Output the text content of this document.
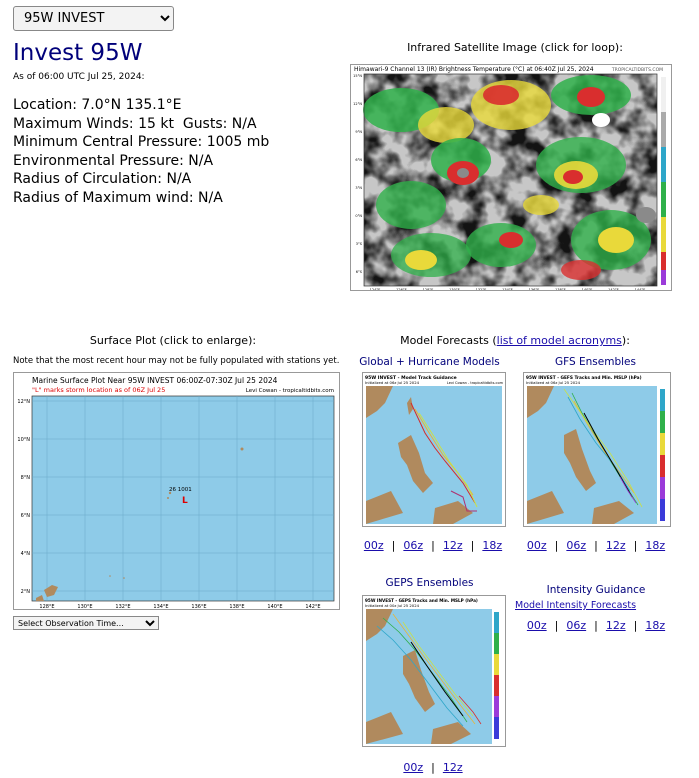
95W INVEST
Invest 95W
As of 06:00 UTC Jul 25, 2024:
Location: 7.0°N 135.1°E
Maximum Winds: 15 kt  Gusts: N/A
Minimum Central Pressure: 1005 mb
Environmental Pressure: N/A
Radius of Circulation: N/A
Radius of Maximum wind: N/A
Infrared Satellite Image (click for loop):
Himawari-9 Channel 13 (IR) Brightness Temperature (°C) at 06:40Z Jul 25, 2024	TROPICALTIDBITS.COM
15°N
12°N
9°N
6°N
3°N
0°N
3°S
6°S
124°E	126°E	128°E	130°E	132°E	134°E	136°E	138°E	140°E	142°E	144°E
Surface Plot (click to enlarge):
Note that the most recent hour may not be fully populated with stations yet.
Marine Surface Plot Near 95W INVEST 06:00Z-07:30Z Jul 25 2024
"L" marks storm location as of 06Z Jul 25	Levi Cowan - tropicaltidbits.com
26 1001
L
12°N
10°N
8°N
6°N
4°N
2°N
128°E	130°E	132°E	134°E	136°E	138°E	140°E	142°E
Select Observation Time...
Model Forecasts (list of model acronyms):
Global + Hurricane Models
95W INVEST - Model Track Guidance
Initialized at 06z Jul 25 2024	Levi Cowan - tropicaltidbits.com
00z | 06z | 12z | 18z
GFS Ensembles
95W INVEST - GEFS Tracks and Min. MSLP (hPa)
Initialized at 06z Jul 25 2024
00z | 06z | 12z | 18z
GEPS Ensembles
95W INVEST - GEPS Tracks and Min. MSLP (hPa)
Initialized at 00z Jul 25 2024
00z | 12z
Intensity Guidance
Model Intensity Forecasts
00z | 06z | 12z | 18z
